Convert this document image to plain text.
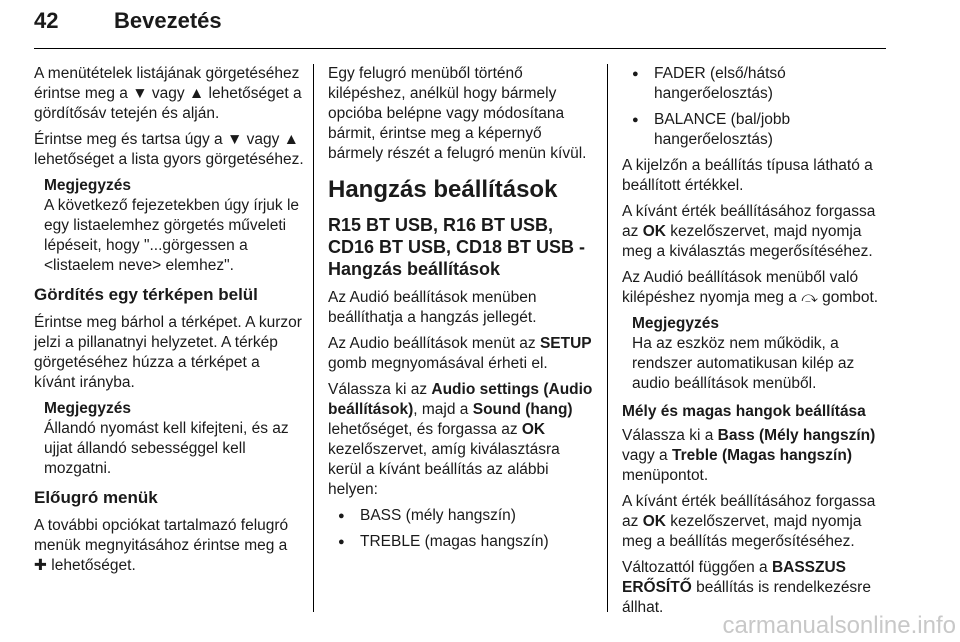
42	Bevezetés

A menütételek listájának görgetéséhez érintse meg a ▼ vagy ▲ lehetőséget a gördítősáv tetején és alján.

Érintse meg és tartsa úgy a ▼ vagy ▲ lehetőséget a lista gyors görgetéséhez.

Megjegyzés
A következő fejezetekben úgy írjuk le egy listaelemhez görgetés műveleti lépéseit, hogy "...görgessen a <listaelem neve> elemhez".
Gördítés egy térképen belül

Érintse meg bárhol a térképet. A kurzor jelzi a pillanatnyi helyzetet. A térkép görgetéséhez húzza a térképet a kívánt irányba.

Megjegyzés
Állandó nyomást kell kifejteni, és az ujjat állandó sebességgel kell mozgatni.
Előugró menük

A további opciókat tartalmazó felugró menük megnyitásához érintse meg a ✚ lehetőséget.

Egy felugró menüből történő kilépéshez, anélkül hogy bármely opcióba belépne vagy módosítana bármit, érintse meg a képernyő bármely részét a felugró menün kívül.

Hangzás beállítások
R15 BT USB, R16 BT USB, CD16 BT USB, CD18 BT USB - Hangzás beállítások

Az Audió beállítások menüben beállíthatja a hangzás jellegét.

Az Audio beállítások menüt az SETUP gomb megnyomásával érheti el.

Válassza ki az Audio settings (Audio beállítások), majd a Sound (hang) lehetőséget, és forgassa az OK kezelőszervet, amíg kiválasztásra kerül a kívánt beállítás az alábbi helyen:

● BASS (mély hangszín)
● TREBLE (magas hangszín)
● FADER (első/hátsó hangerőelosztás)
● BALANCE (bal/jobb hangerőelosztás)

A kijelzőn a beállítás típusa látható a beállított értékkel.

A kívánt érték beállításához forgassa az OK kezelőszervet, majd nyomja meg a kiválasztás megerősítéséhez.

Az Audió beállítások menüből való kilépéshez nyomja meg a ⤼ gombot.

Megjegyzés
Ha az eszköz nem működik, a rendszer automatikusan kilép az audio beállítások menüből.
Mély és magas hangok beállítása

Válassza ki a Bass (Mély hangszín) vagy a Treble (Magas hangszín) menüpontot.

A kívánt érték beállításához forgassa az OK kezelőszervet, majd nyomja meg a beállítás megerősítéséhez.

Változattól függően a BASSZUS ERŐSÍTŐ beállítás is rendelkezésre állhat.

carmanualsonline.info
